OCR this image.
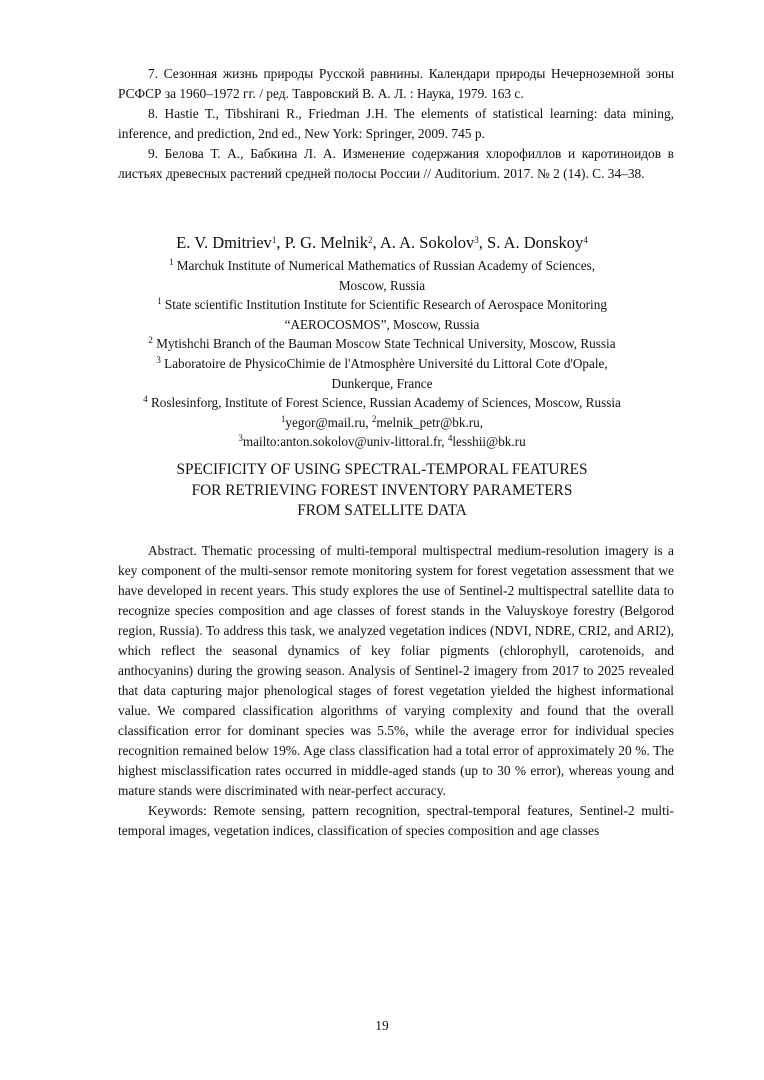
7. Сезонная жизнь природы Русской равнины. Календари природы Нечерноземной зоны РСФСР за 1960–1972 гг. / ред. Тавровский В. А. Л. : Наука, 1979. 163 с.

8. Hastie T., Tibshirani R., Friedman J.H. The elements of statistical learning: data mining, inference, and prediction, 2nd ed., New York: Springer, 2009. 745 p.

9. Белова Т. А., Бабкина Л. А. Изменение содержания хлорофиллов и каротиноидов в листьях древесных растений средней полосы России // Auditorium. 2017. № 2 (14). С. 34–38.

E. V. Dmitriev$^1$, P. G. Melnik$^2$, A. A. Sokolov$^3$, S. A. Donskoy$^4$
$^1$ Marchuk Institute of Numerical Mathematics of Russian Academy of Sciences,
Moscow, Russia
$^1$ State scientific Institution Institute for Scientific Research of Aerospace Monitoring
“AEROCOSMOS”, Moscow, Russia
$^2$ Mytishchi Branch of the Bauman Moscow State Technical University, Moscow, Russia
$^3$ Laboratoire de PhysicoChimie de l'Atmosphère Université du Littoral Cote d'Opale,
Dunkerque, France
$^4$ Roslesinforg, Institute of Forest Science, Russian Academy of Sciences, Moscow, Russia
$^1$yegor@mail.ru, $^2$melnik_petr@bk.ru,
$^3$mailto:anton.sokolov@univ-littoral.fr, $^4$lesshii@bk.ru
SPECIFICITY OF USING SPECTRAL-TEMPORAL FEATURES
FOR RETRIEVING FOREST INVENTORY PARAMETERS
FROM SATELLITE DATA

Abstract. Thematic processing of multi-temporal multispectral medium-resolution imagery is a key component of the multi-sensor remote monitoring system for forest vegetation assessment that we have developed in recent years. This study explores the use of Sentinel-2 multispectral satellite data to recognize species composition and age classes of forest stands in the Valuyskoye forestry (Belgorod region, Russia). To address this task, we analyzed vegetation indices (NDVI, NDRE, CRI2, and ARI2), which reflect the seasonal dynamics of key foliar pigments (chlorophyll, carotenoids, and anthocyanins) during the growing season. Analysis of Sentinel-2 imagery from 2017 to 2025 revealed that data capturing major phenological stages of forest vegetation yielded the highest informational value. We compared classification algorithms of varying complexity and found that the overall classification error for dominant species was 5.5%, while the average error for individual species recognition remained below 19%. Age class classification had a total error of approximately 20 %. The highest misclassification rates occurred in middle-aged stands (up to 30 % error), whereas young and mature stands were discriminated with near-perfect accuracy.

Keywords: Remote sensing, pattern recognition, spectral-temporal features, Sentinel-2 multi-temporal images, vegetation indices, classification of species composition and age classes

19
